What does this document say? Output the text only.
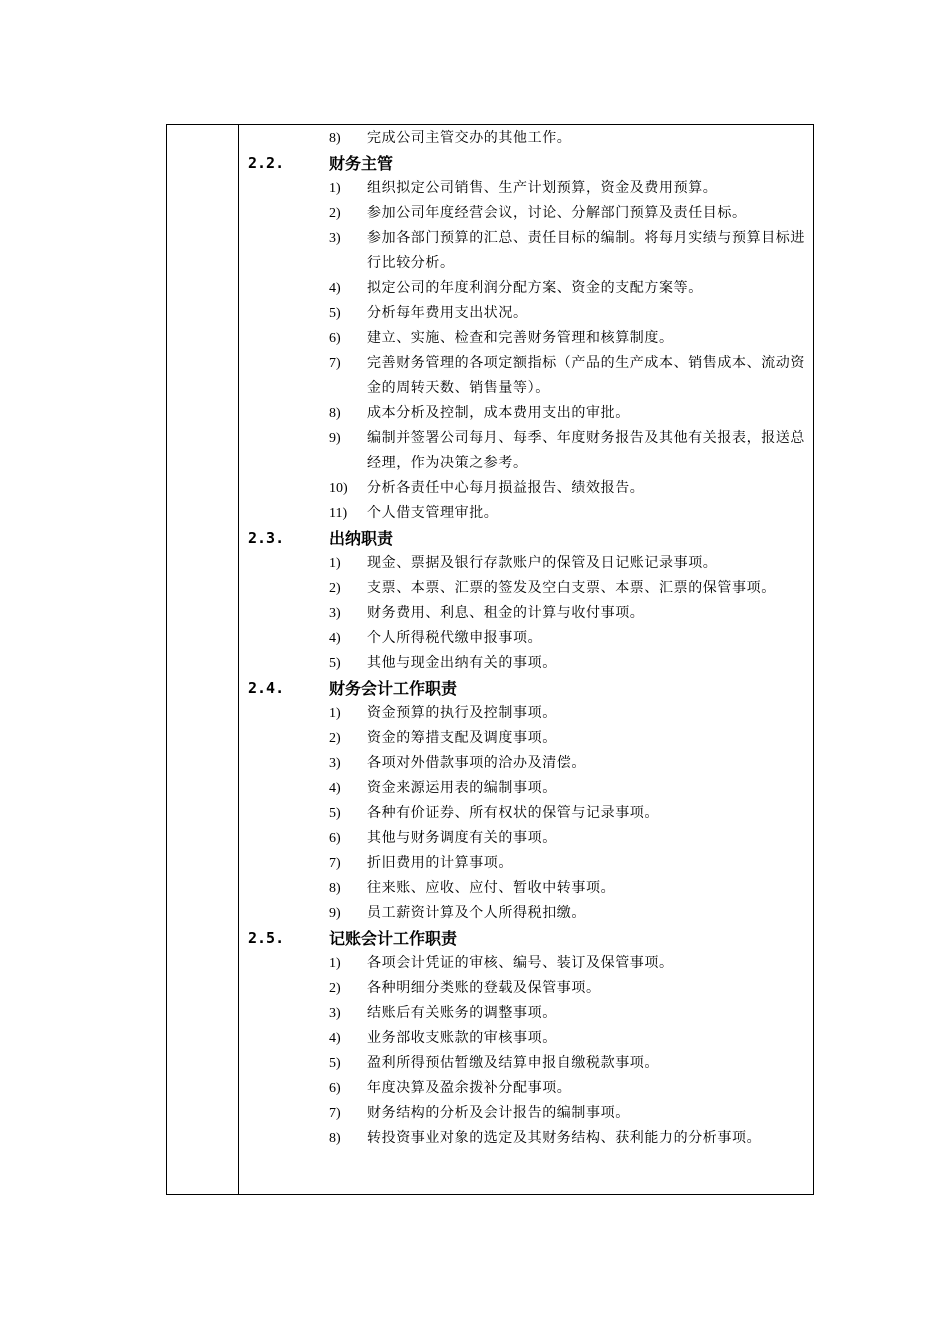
8)	完成公司主管交办的其他工作。
2.2.	财务主管
1)	组织拟定公司销售、生产计划预算，资金及费用预算。
2)	参加公司年度经营会议，讨论、分解部门预算及责任目标。
3)	参加各部门预算的汇总、责任目标的编制。将每月实绩与预算目标进行比较分析。
4)	拟定公司的年度利润分配方案、资金的支配方案等。
5)	分析每年费用支出状况。
6)	建立、实施、检查和完善财务管理和核算制度。
7)	完善财务管理的各项定额指标（产品的生产成本、销售成本、流动资金的周转天数、销售量等）。
8)	成本分析及控制，成本费用支出的审批。
9)	编制并签署公司每月、每季、年度财务报告及其他有关报表，报送总经理，作为决策之参考。
10)	分析各责任中心每月损益报告、绩效报告。
11)	个人借支管理审批。
2.3.	出纳职责
1)	现金、票据及银行存款账户的保管及日记账记录事项。
2)	支票、本票、汇票的签发及空白支票、本票、汇票的保管事项。
3)	财务费用、利息、租金的计算与收付事项。
4)	个人所得税代缴申报事项。
5)	其他与现金出纳有关的事项。
2.4.	财务会计工作职责
1)	资金预算的执行及控制事项。
2)	资金的筹措支配及调度事项。
3)	各项对外借款事项的洽办及清偿。
4)	资金来源运用表的编制事项。
5)	各种有价证券、所有权状的保管与记录事项。
6)	其他与财务调度有关的事项。
7)	折旧费用的计算事项。
8)	往来账、应收、应付、暂收中转事项。
9)	员工薪资计算及个人所得税扣缴。
2.5.	记账会计工作职责
1)	各项会计凭证的审核、编号、装订及保管事项。
2)	各种明细分类账的登载及保管事项。
3)	结账后有关账务的调整事项。
4)	业务部收支账款的审核事项。
5)	盈利所得预估暂缴及结算申报自缴税款事项。
6)	年度决算及盈余拨补分配事项。
7)	财务结构的分析及会计报告的编制事项。
8)	转投资事业对象的选定及其财务结构、获利能力的分析事项。
